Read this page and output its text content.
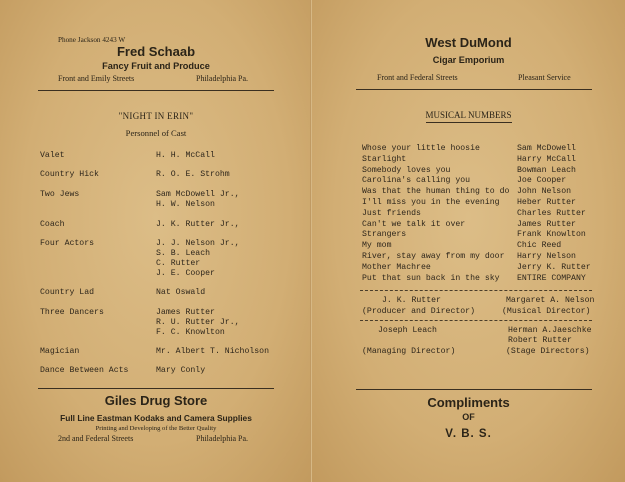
Phone Jackson 4243 W
Fred Schaab
Fancy Fruit and Produce
Front and Emily Streets	Philadelphia Pa.
"NIGHT IN ERIN"
Personnel of Cast
Valet	H. H. McCall
Country Hick	R. O. E. Strohm
Two Jews	Sam McDowell Jr.,
H. W. Nelson
Coach	J. K. Rutter Jr.,
Four Actors	J. J. Nelson Jr.,
S. B. Leach
C. Rutter
J. E. Cooper
Country Lad	Nat Oswald
Three Dancers	James Rutter
R. U. Rutter Jr.,
F. C. Knowlton
Magician	Mr. Albert T. Nicholson
Dance Between Acts	Mary Conly
Giles Drug Store
Full Line Eastman Kodaks and Camera Supplies
Printing and Developing of the Better Quality
2nd and Federal Streets	Philadelphia Pa.
West DuMond
Cigar Emporium
Front and Federal Streets	Pleasant Service
MUSICAL NUMBERS
Whose your little hoosie	Sam McDowell
Starlight	Harry McCall
Somebody loves you	Bowman Leach
Carolina's calling you	Joe Cooper
Was that the human thing to do John Nelson
I'll miss you in the evening Heber Rutter
Just friends	Charles Rutter
Can't we talk it over	James Rutter
Strangers	Frank Knowlton
My mom	Chic Reed
River, stay away from my door Harry Nelson
Mother Machree	Jerry K. Rutter
Put that sun back in the sky ENTIRE COMPANY
J. K. Rutter	Margaret A. Nelson
(Producer and Director)	(Musical Director)
Joseph Leach	Herman A.Jaeschke
Robert Rutter
(Managing Director)	(Stage Directors)
Compliments
OF
V. B. S.
